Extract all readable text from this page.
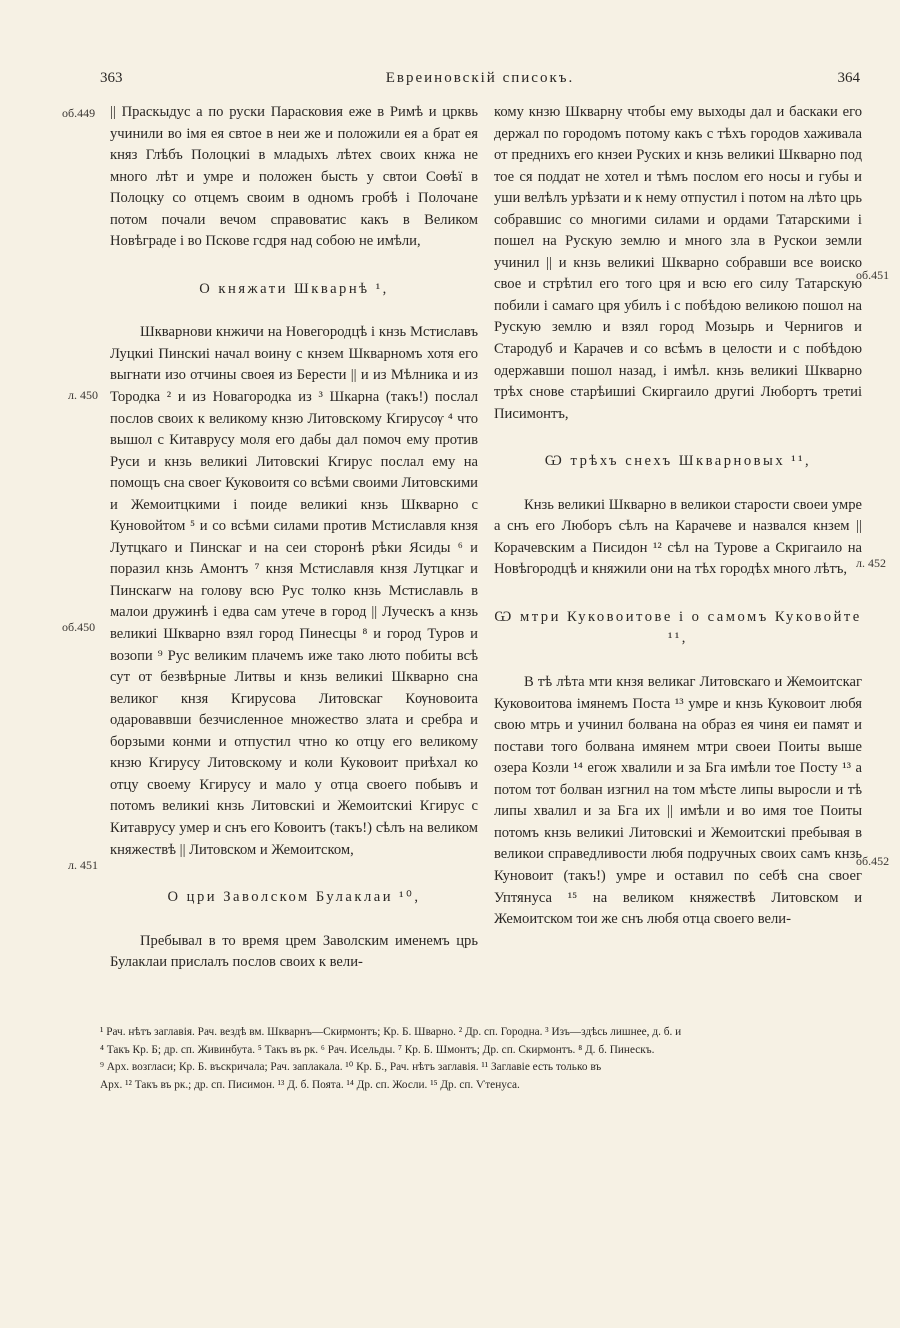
363	Евреиновскій списокъ.	364
об.449
л. 450
об.450
л. 451
об.451
л. 452
об.452

|| Праскыдус а по руски Парасковия еже в Римѣ и црквь учинили во імя ея свтое в неи же и положили ея а брат ея княз Глѣбъ Полоцкиі в младыхъ лѣтех своих кнжа не много лѣт и умре и положен бысть у свтои Соѳѣї в Полоцку со отцемъ своим в одномъ гробѣ і Полочане потом почали вечом справоватис какъ в Великом Новѣграде і во Пскове гсдря над собою не имѣли,

О княжати Шкварнѣ ¹,

Шкварнови кнжичи на Новегородцѣ і кнзь Мстиславъ Луцкиі Пинскиі начал воину с кнзем Шкварномъ хотя его выгнати изо отчины своея из Берести || и из Мѣлника и из Тородка ² и из Новагородка из ³ Шкарна (такъ!) послал послов своих к великому кнзю Литовскому Кгирусѹ ⁴ что вышол с Китаврусу моля его дабы дал помоч ему против Руси и кнзь великиі Литовскиі Кгирус послал ему на помощъ сна своег Куковоитя со всѣми своими Литовскими и Жемоитцкими і поиде великиі кнзь Шкварно с Куновойтом ⁵ и со всѣми силами против Мстиславля кнзя Лутцкаго и Пинскаг и на сеи сторонѣ рѣки Ясиды ⁶ и поразил кнзь Амонтъ ⁷ кнзя Мстиславля кнзя Лутцкаг и Пинскагѡ на голову всю Рус толко кнзь Мстиславль в малои дружинѣ і едва сам утече в город || Луческъ а кнзь великиі Шкварно взял город Пинесцы ⁸ и город Туров и возопи ⁹ Рус великим плачемъ иже тако люто побиты всѣ сут от безвѣрные Литвы и кнзь великиі Шкварно сна великог кнзя Кгирусова Литовскаг Кѹновоита одароваввши безчисленное множество злата и сребра и борзыми конми и отпустил чтно ко отцу его великому кнзю Кгирусу Литовскому и коли Куковоит приѣхал ко отцу своему Кгирусу и мало у отца своего побывъ и потомъ великиі кнзь Литовскиі и Жемоитскиі Кгирус с Китаврусу умер и снъ его Ковоитъ (такъ!) сѣлъ на великом княжествѣ || Литовском и Жемоитском,

О цри Заволском Булаклаи ¹⁰,

Пребывал в то время црем Заволским именемъ црь Булаклаи прислалъ послов своих к вели-

кому кнзю Шкварну чтобы ему выходы дал и баскаки его держал по городомъ потому какъ с тѣхъ городов хаживала от преднихъ его кнзеи Руских и кнзь великиі Шкварно под тое ся поддат не хотел и тѣмъ послом его носы и губы и уши велѣлъ урѣзати и к нему отпустил і потом на лѣто црь собравшис со многими силами и ордами Татарскими і пошел на Рускую землю и много зла в Рускои земли учинил || и кнзь великиі Шкварно собравши все воиско свое и стрѣтил его того цря и всю его силу Татарскую побили і самаго цря убилъ і с побѣдою великою пошол на Рускую землю и взял город Мозырь и Чернигов и Стародуб и Карачев и со всѣмъ в целости и с побѣдою одержавши пошол назад, і имѣл. кнзь великиі Шкварно трѣх снове старѣишиі Скиргаило другиі Любортъ третиі Писимонтъ,

Ѡ трѣхъ снехъ Шкварновых ¹¹,

Кнзь великиі Шкварно в великои старости своеи умре а снъ его Люборъ сѣлъ на Карачеве и назвался кнзем || Корачевским а Писидон ¹² сѣл на Турове а Скригаило на Новѣгородцѣ и княжили они на тѣх городѣх много лѣтъ,

Ѡ мтри Куковоитове і о самомъ Куковойте ¹¹,

В тѣ лѣта мти кнзя великаг Литовскаго и Жемоитскаг Куковоитова імянемъ Поста ¹³ умре и кнзь Куковоит любя свою мтрь и учинил болвана на образ ея чиня еи памят и постави того болвана имянем мтри своеи Поиты выше озера Козли ¹⁴ егож хвалили и за Бга имѣли тое Посту ¹³ а потом тот болван изгнил на том мѣсте липы выросли и тѣ липы хвалил и за Бга их || имѣли и во имя тое Поиты потомъ кнзь великиі Литовскиі и Жемоитскиі пребывая в великои справедливости любя подручных своих самъ кнзь Куновоит (такъ!) умре и оставил по себѣ сна своег Уптянуса ¹⁵ на великом княжествѣ Литовском и Жемоитском тои же снъ любя отца своего вели-

¹ Рач. нѣтъ заглавія. Рач. вездѣ вм. Шкварнъ—Скирмонтъ; Кр. Б. Шварно. ² Др. сп. Городна. ³ Изъ—здѣсь лишнее, д. б. и
⁴ Такъ Кр. Б; др. сп. Живинбута. ⁵ Такъ въ рк. ⁶ Рач. Исельды. ⁷ Кр. Б. Шмонтъ; Др. сп. Скирмонтъ. ⁸ Д. б. Пинескъ.
⁹ Арх. возгласи; Кр. Б. въскричала; Рач. заплакала. ¹⁰ Кр. Б., Рач. нѣтъ заглавія. ¹¹ Заглавіе есть только въ
Арх. ¹² Такъ въ рк.; др. сп. Писимон. ¹³ Д. б. Поята. ¹⁴ Др. сп. Жосли. ¹⁵ Др. сп. Ѵтенуса.
